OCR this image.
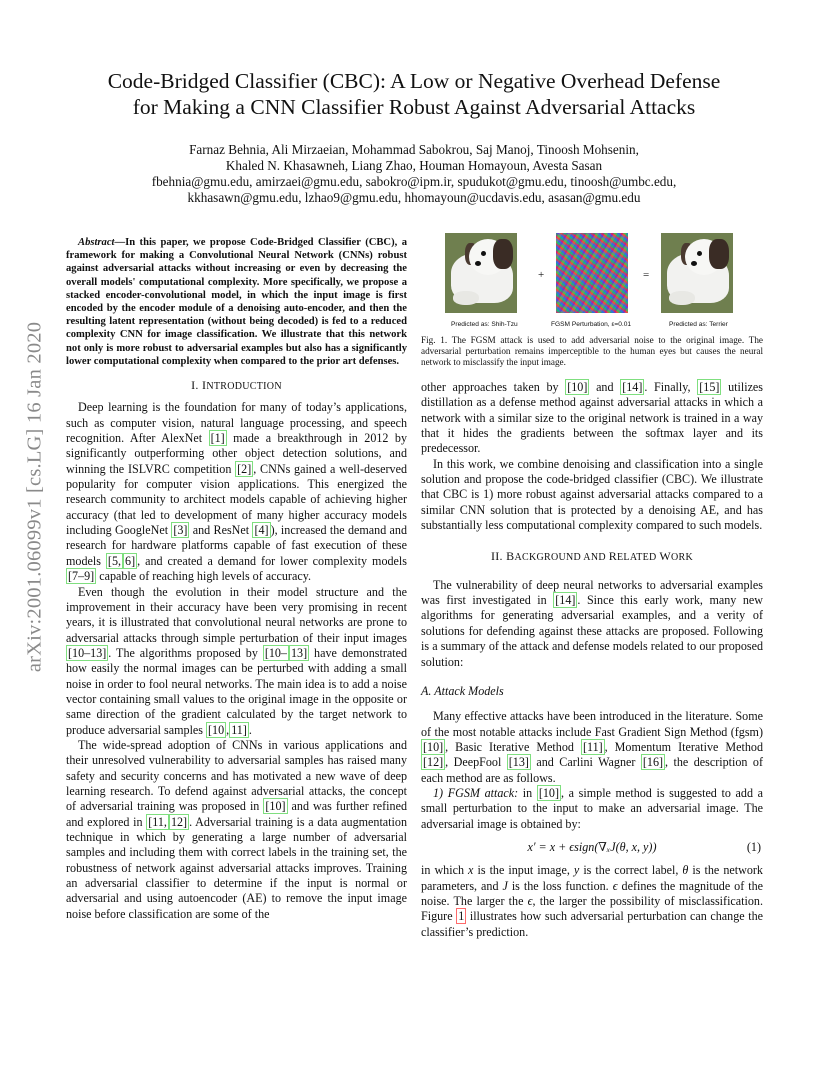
arXiv:2001.06099v1 [cs.LG] 16 Jan 2020
Code-Bridged Classifier (CBC): A Low or Negative Overhead Defense
for Making a CNN Classifier Robust Against Adversarial Attacks
Farnaz Behnia, Ali Mirzaeian, Mohammad Sabokrou, Saj Manoj, Tinoosh Mohsenin,
Khaled N. Khasawneh, Liang Zhao, Houman Homayoun, Avesta Sasan
fbehnia@gmu.edu, amirzaei@gmu.edu, sabokro@ipm.ir, spudukot@gmu.edu, tinoosh@umbc.edu,
kkhasawn@gmu.edu, lzhao9@gmu.edu, hhomayoun@ucdavis.edu, asasan@gmu.edu

Abstract—In this paper, we propose Code-Bridged Classifier (CBC), a framework for making a Convolutional Neural Network (CNNs) robust against adversarial attacks without increasing or even by decreasing the overall models' computational complexity. More specifically, we propose a stacked encoder-convolutional model, in which the input image is first encoded by the encoder module of a denoising auto-encoder, and then the resulting latent representation (without being decoded) is fed to a reduced complexity CNN for image classification. We illustrate that this network not only is more robust to adversarial examples but also has a significantly lower computational complexity when compared to the prior art defenses.

I. INTRODUCTION

Deep learning is the foundation for many of today’s applications, such as computer vision, natural language processing, and speech recognition. After AlexNet [1] made a breakthrough in 2012 by significantly outperforming other object detection solutions, and winning the ISLVRC competition [2] , CNNs gained a well-deserved popularity for computer vision applications. This energized the research community to architect models capable of achieving higher accuracy (that led to development of many higher accuracy models including GoogleNet [3] and ResNet [4] ), increased the demand and research for hardware platforms capable of fast execution of these models [5, 6] , and created a demand for lower complexity models [7–9] capable of reaching high levels of accuracy.

Even though the evolution in their model structure and the improvement in their accuracy have been very promising in recent years, it is illustrated that convolutional neural networks are prone to adversarial attacks through simple perturbation of their input images [10–13] . The algorithms proposed by [10– 13] have demonstrated how easily the normal images can be perturbed with adding a small noise in order to fool neural networks. The main idea is to add a noise vector containing small values to the original image in the opposite or same direction of the gradient calculated by the target network to produce adversarial samples [10 , 11] .

The wide-spread adoption of CNNs in various applications and their unresolved vulnerability to adversarial samples has raised many safety and security concerns and has motivated a new wave of deep learning research. To defend against adversarial attacks, the concept of adversarial training was proposed in [10] and was further refined and explored in [11, 12] . Adversarial training is a data augmentation technique in which by generating a large number of adversarial samples and including them with correct labels in the training set, the robustness of network against adversarial attacks improves. Training an adversarial classifier to determine if the input is normal or adversarial and using autoencoder (AE) to remove the input image noise before classification are some of the

+	=
Predicted as: Shih-Tzu	FGSM Perturbation, ε=0.01	Predicted as: Terrier
Fig. 1. The FGSM attack is used to add adversarial noise to the original image. The adversarial perturbation remains imperceptible to the human eyes but causes the neural network to misclassify the input image.

other approaches taken by [10] and [14] . Finally, [15] utilizes distillation as a defense method against adversarial attacks in which a network with a similar size to the original network is trained in a way that it hides the gradients between the softmax layer and its predecessor.

In this work, we combine denoising and classification into a single solution and propose the code-bridged classifier (CBC). We illustrate that CBC is 1) more robust against adversarial attacks compared to a similar CNN solution that is protected by a denoising AE, and has substantially less computational complexity compared to such models.

II. BACKGROUND AND RELATED WORK

The vulnerability of deep neural networks to adversarial examples was first investigated in [14] . Since this early work, many new algorithms for generating adversarial examples, and a verity of solutions for defending against these attacks are proposed. Following is a summary of the attack and defense models related to our proposed solution:

A. Attack Models

Many effective attacks have been introduced in the literature. Some of the most notable attacks include Fast Gradient Sign Method (fgsm) [10] , Basic Iterative Method [11] , Momentum Iterative Method [12] , DeepFool [13] and Carlini Wagner [16] , the description of each method are as follows.

1) FGSM attack: in [10] , a simple method is suggested to add a small perturbation to the input to make an adversarial image. The adversarial image is obtained by:

x′ = x + ϵsign(∇ₓJ(θ, x, y))	(1)

in which x is the input image, y is the correct label, θ is the network parameters, and J is the loss function. ϵ defines the magnitude of the noise. The larger the ϵ, the larger the possibility of misclassification. Figure 1 illustrates how such adversarial perturbation can change the classifier’s prediction.
